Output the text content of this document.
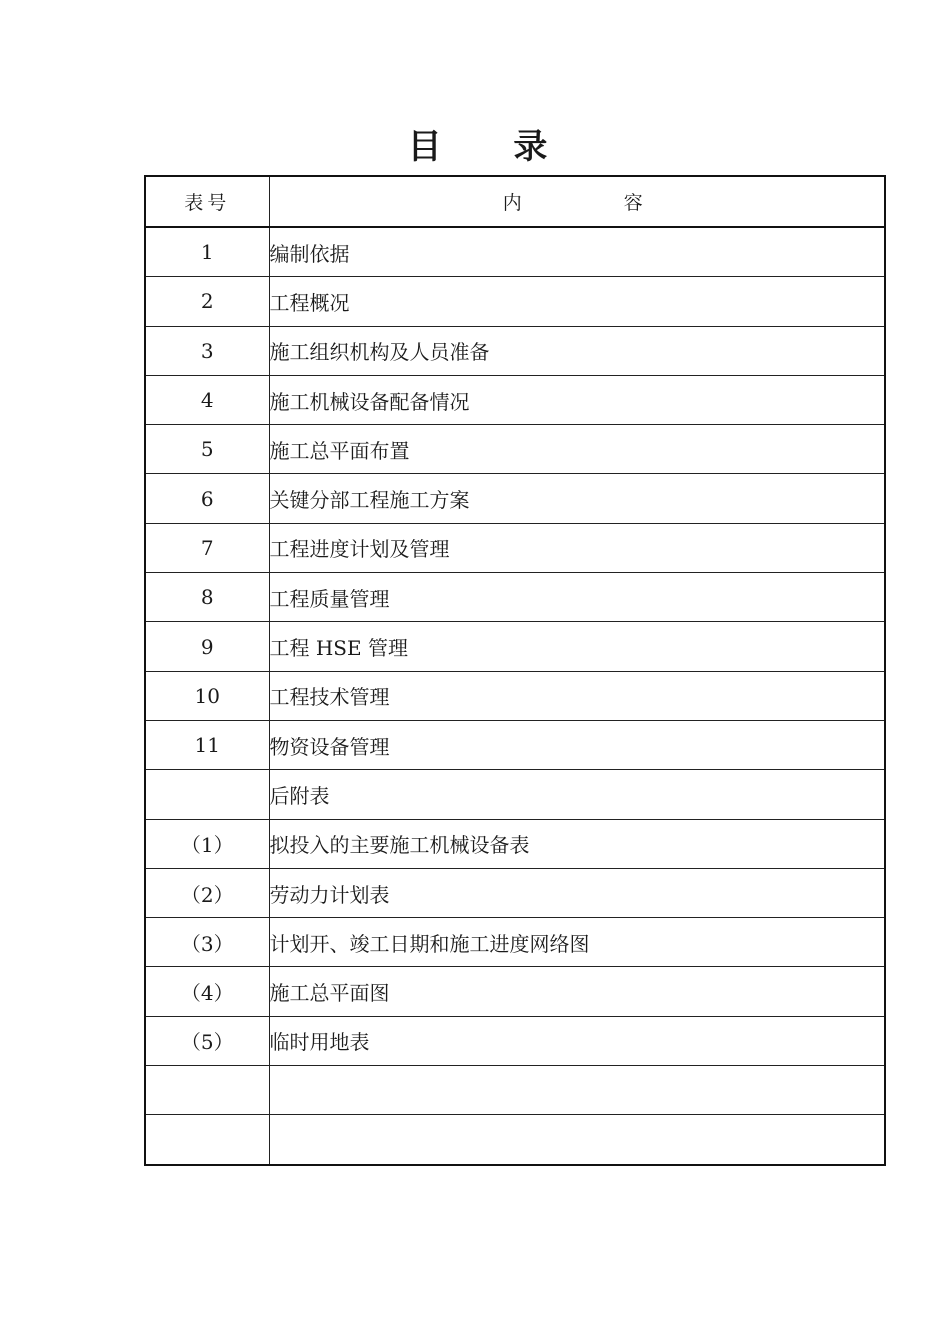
目 录
表号	内 容
1	编制依据
2	工程概况
3	施工组织机构及人员准备
4	施工机械设备配备情况
5	施工总平面布置
6	关键分部工程施工方案
7	工程进度计划及管理
8	工程质量管理
9	工程 HSE 管理
10	工程技术管理
11	物资设备管理
	后附表
（1）	拟投入的主要施工机械设备表
（2）	劳动力计划表
（3）	计划开、竣工日期和施工进度网络图
（4）	施工总平面图
（5）	临时用地表
